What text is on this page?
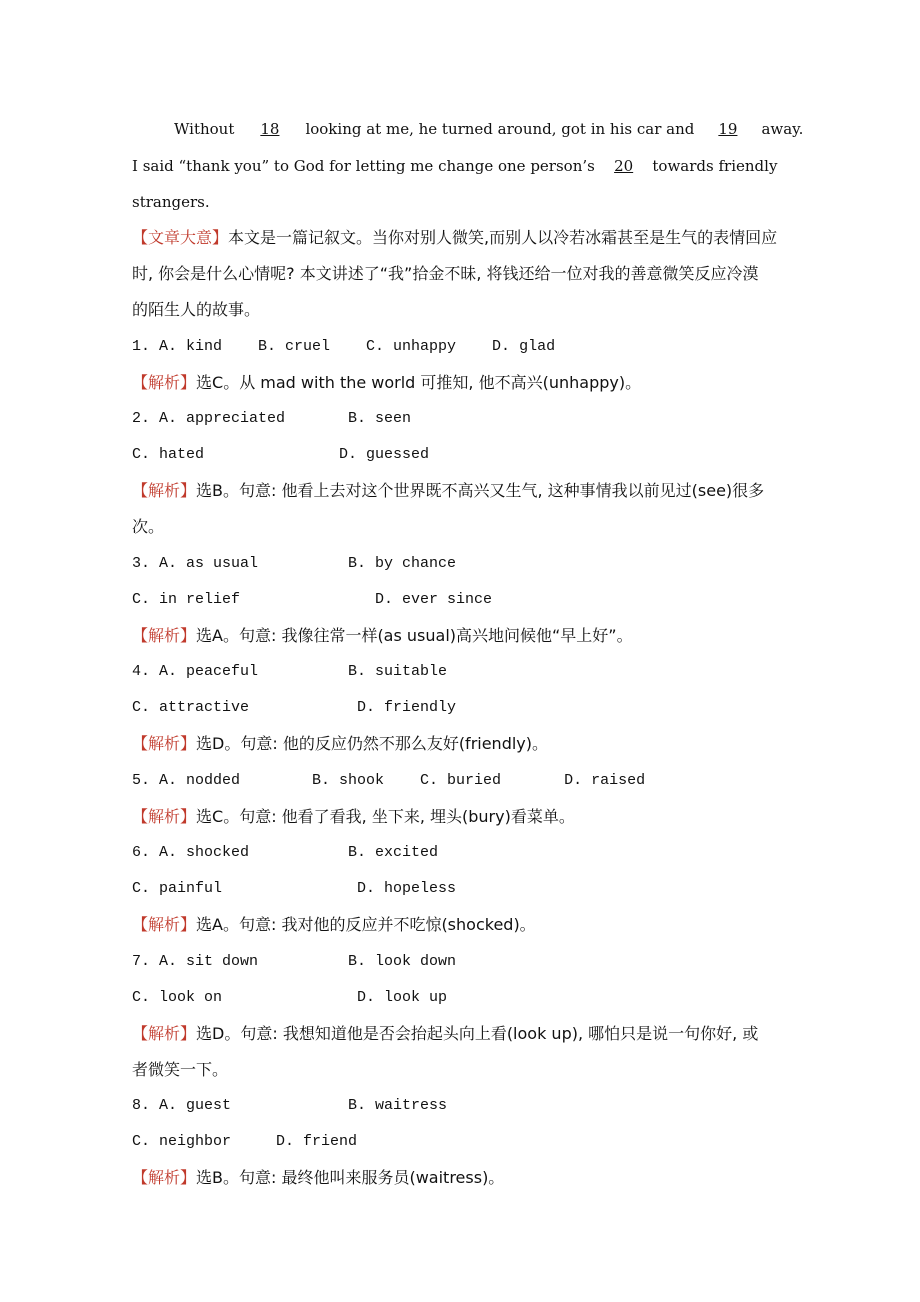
Without 18 looking at me, he turned around, got in his car and 19 away.
I said “thank you” to God for letting me change one person’s 20 towards friendly
strangers.
【文章大意】本文是一篇记叙文。当你对别人微笑,而别人以冷若冰霜甚至是生气的表情回应
时, 你会是什么心情呢? 本文讲述了“我”拾金不昧, 将钱还给一位对我的善意微笑反应冷漠
的陌生人的故事。
1. A. kind    B. cruel    C. unhappy    D. glad
【解析】选C。从 mad with the world 可推知, 他不高兴(unhappy)。
2. A. appreciated       B. seen
C. hated               D. guessed
【解析】选B。句意: 他看上去对这个世界既不高兴又生气, 这种事情我以前见过(see)很多
次。
3. A. as usual          B. by chance
C. in relief               D. ever since
【解析】选A。句意: 我像往常一样(as usual)高兴地问候他“早上好”。
4. A. peaceful          B. suitable
C. attractive            D. friendly
【解析】选D。句意: 他的反应仍然不那么友好(friendly)。
5. A. nodded        B. shook    C. buried       D. raised
【解析】选C。句意: 他看了看我, 坐下来, 埋头(bury)看菜单。
6. A. shocked           B. excited
C. painful               D. hopeless
【解析】选A。句意: 我对他的反应并不吃惊(shocked)。
7. A. sit down          B. look down
C. look on               D. look up
【解析】选D。句意: 我想知道他是否会抬起头向上看(look up), 哪怕只是说一句你好, 或
者微笑一下。
8. A. guest             B. waitress
C. neighbor     D. friend
【解析】选B。句意: 最终他叫来服务员(waitress)。
